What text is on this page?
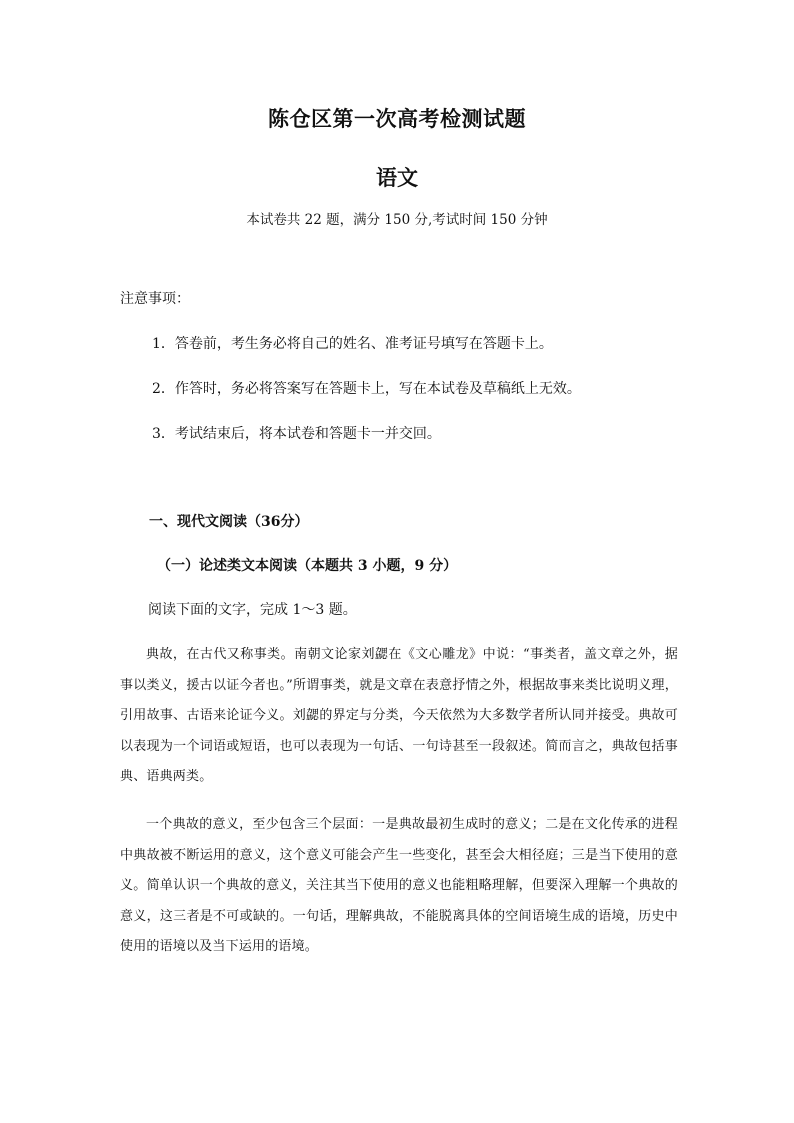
陈仓区第一次高考检测试题
语文
本试卷共 22 题，满分 150 分,考试时间 150 分钟
注意事项：
1．答卷前，考生务必将自己的姓名、准考证号填写在答题卡上。
2．作答时，务必将答案写在答题卡上，写在本试卷及草稿纸上无效。
3．考试结束后，将本试卷和答题卡一并交回。
一、现代文阅读（36分）
（一）论述类文本阅读（本题共 3 小题，9 分）
阅读下面的文字，完成 1～3 题。

典故，在古代又称事类。南朝文论家刘勰在《文心雕龙》中说：“事类者，盖文章之外，据事以类义，援古以证今者也。”所谓事类，就是文章在表意抒情之外，根据故事来类比说明义理，引用故事、古语来论证今义。刘勰的界定与分类，今天依然为大多数学者所认同并接受。典故可以表现为一个词语或短语，也可以表现为一句话、一句诗甚至一段叙述。简而言之，典故包括事典、语典两类。

一个典故的意义，至少包含三个层面：一是典故最初生成时的意义；二是在文化传承的进程中典故被不断运用的意义，这个意义可能会产生一些变化，甚至会大相径庭；三是当下使用的意义。简单认识一个典故的意义，关注其当下使用的意义也能粗略理解，但要深入理解一个典故的意义，这三者是不可或缺的。一句话，理解典故，不能脱离具体的空间语境生成的语境，历史中使用的语境以及当下运用的语境。
